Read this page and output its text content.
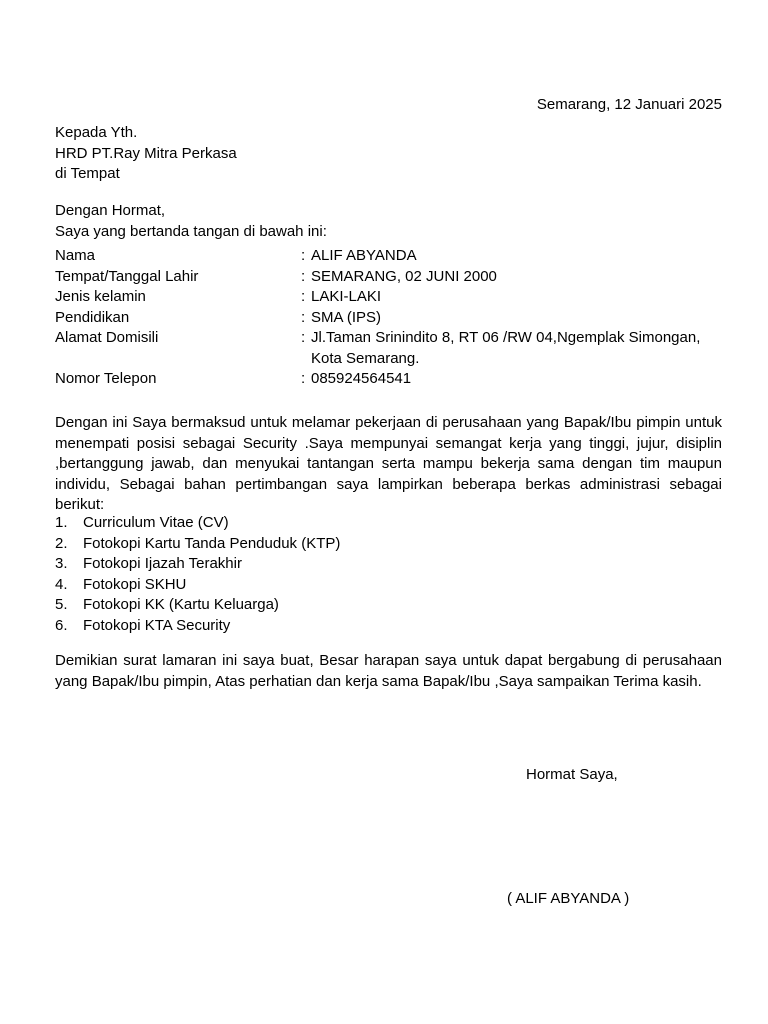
Semarang, 12 Januari 2025
Kepada Yth.
HRD PT.Ray Mitra Perkasa
di Tempat
Dengan Hormat,
Saya yang bertanda tangan di bawah ini:
Nama	: ALIF ABYANDA
Tempat/Tanggal Lahir	: SEMARANG, 02 JUNI 2000
Jenis kelamin	: LAKI-LAKI
Pendidikan	: SMA (IPS)
Alamat Domisili	: Jl.Taman Srinindito 8, RT 06 /RW 04,Ngemplak Simongan,
Kota Semarang.
Nomor Telepon	: 085924564541
Dengan ini Saya bermaksud untuk melamar pekerjaan di perusahaan yang Bapak/Ibu pimpin untuk menempati posisi sebagai Security .Saya mempunyai semangat kerja yang tinggi, jujur, disiplin ,bertanggung jawab, dan menyukai tantangan serta mampu bekerja sama dengan tim maupun individu, Sebagai bahan pertimbangan saya lampirkan beberapa berkas administrasi sebagai berikut:
1.	Curriculum Vitae (CV)
2.	Fotokopi Kartu Tanda Penduduk (KTP)
3.	Fotokopi Ijazah Terakhir
4.	Fotokopi SKHU
5.	Fotokopi KK (Kartu Keluarga)
6.	Fotokopi KTA Security
Demikian surat lamaran ini saya buat, Besar harapan saya untuk dapat bergabung di perusahaan yang Bapak/Ibu pimpin, Atas perhatian dan kerja sama Bapak/Ibu ,Saya sampaikan Terima kasih.
Hormat Saya,
( ALIF ABYANDA )
